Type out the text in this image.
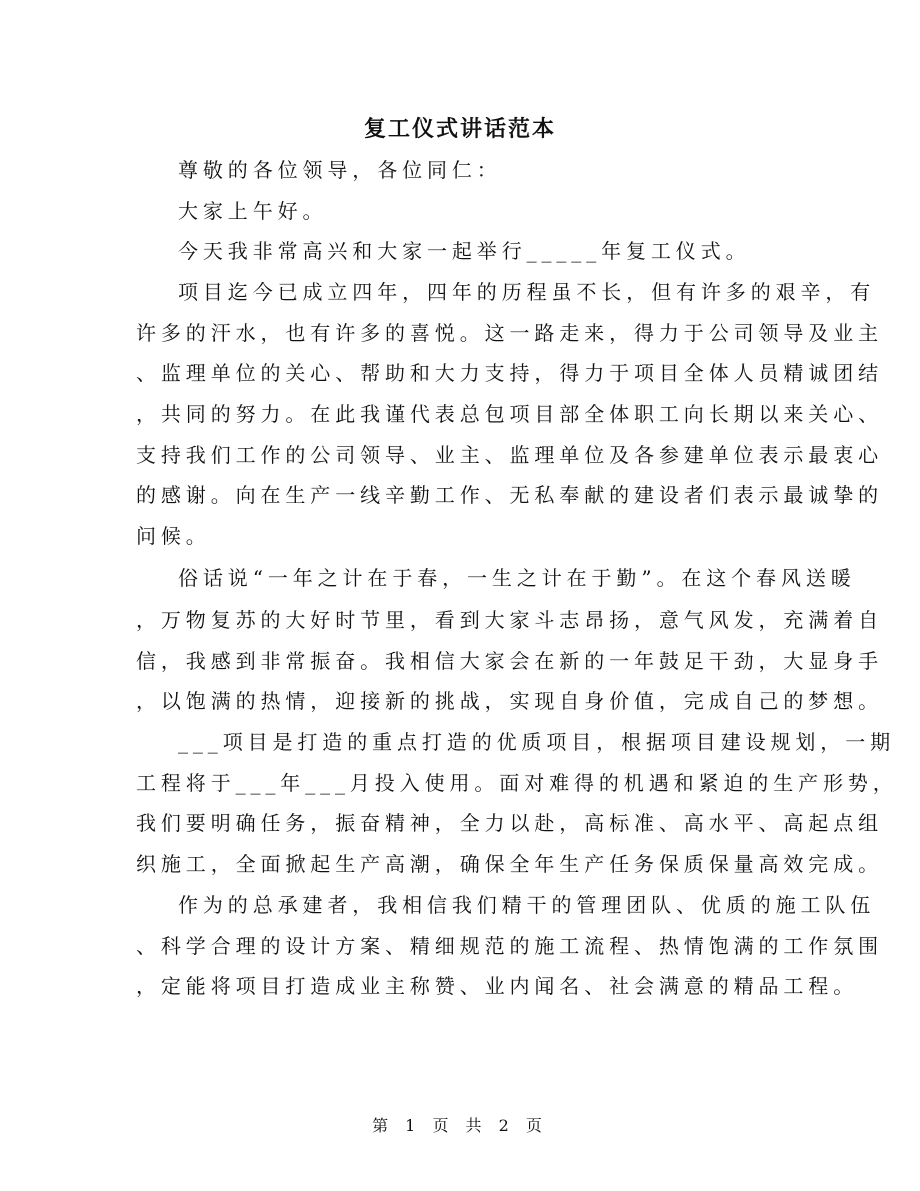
复工仪式讲话范本
尊敬的各位领导，各位同仁：
大家上午好。
今天我非常高兴和大家一起举行_____年复工仪式。
项目迄今已成立四年，四年的历程虽不长，但有许多的艰辛，有
许多的汗水，也有许多的喜悦。这一路走来，得力于公司领导及业主
、监理单位的关心、帮助和大力支持，得力于项目全体人员精诚团结
，共同的努力。在此我谨代表总包项目部全体职工向长期以来关心、
支持我们工作的公司领导、业主、监理单位及各参建单位表示最衷心
的感谢。向在生产一线辛勤工作、无私奉献的建设者们表示最诚挚的
问候。
俗话说“一年之计在于春，一生之计在于勤”。在这个春风送暖
，万物复苏的大好时节里，看到大家斗志昂扬，意气风发，充满着自
信，我感到非常振奋。我相信大家会在新的一年鼓足干劲，大显身手
，以饱满的热情，迎接新的挑战，实现自身价值，完成自己的梦想。
___项目是打造的重点打造的优质项目，根据项目建设规划，一期
工程将于___年___月投入使用。面对难得的机遇和紧迫的生产形势，
我们要明确任务，振奋精神，全力以赴，高标准、高水平、高起点组
织施工，全面掀起生产高潮，确保全年生产任务保质保量高效完成。
作为的总承建者，我相信我们精干的管理团队、优质的施工队伍
、科学合理的设计方案、精细规范的施工流程、热情饱满的工作氛围
，定能将项目打造成业主称赞、业内闻名、社会满意的精品工程。
第 1 页 共 2 页
